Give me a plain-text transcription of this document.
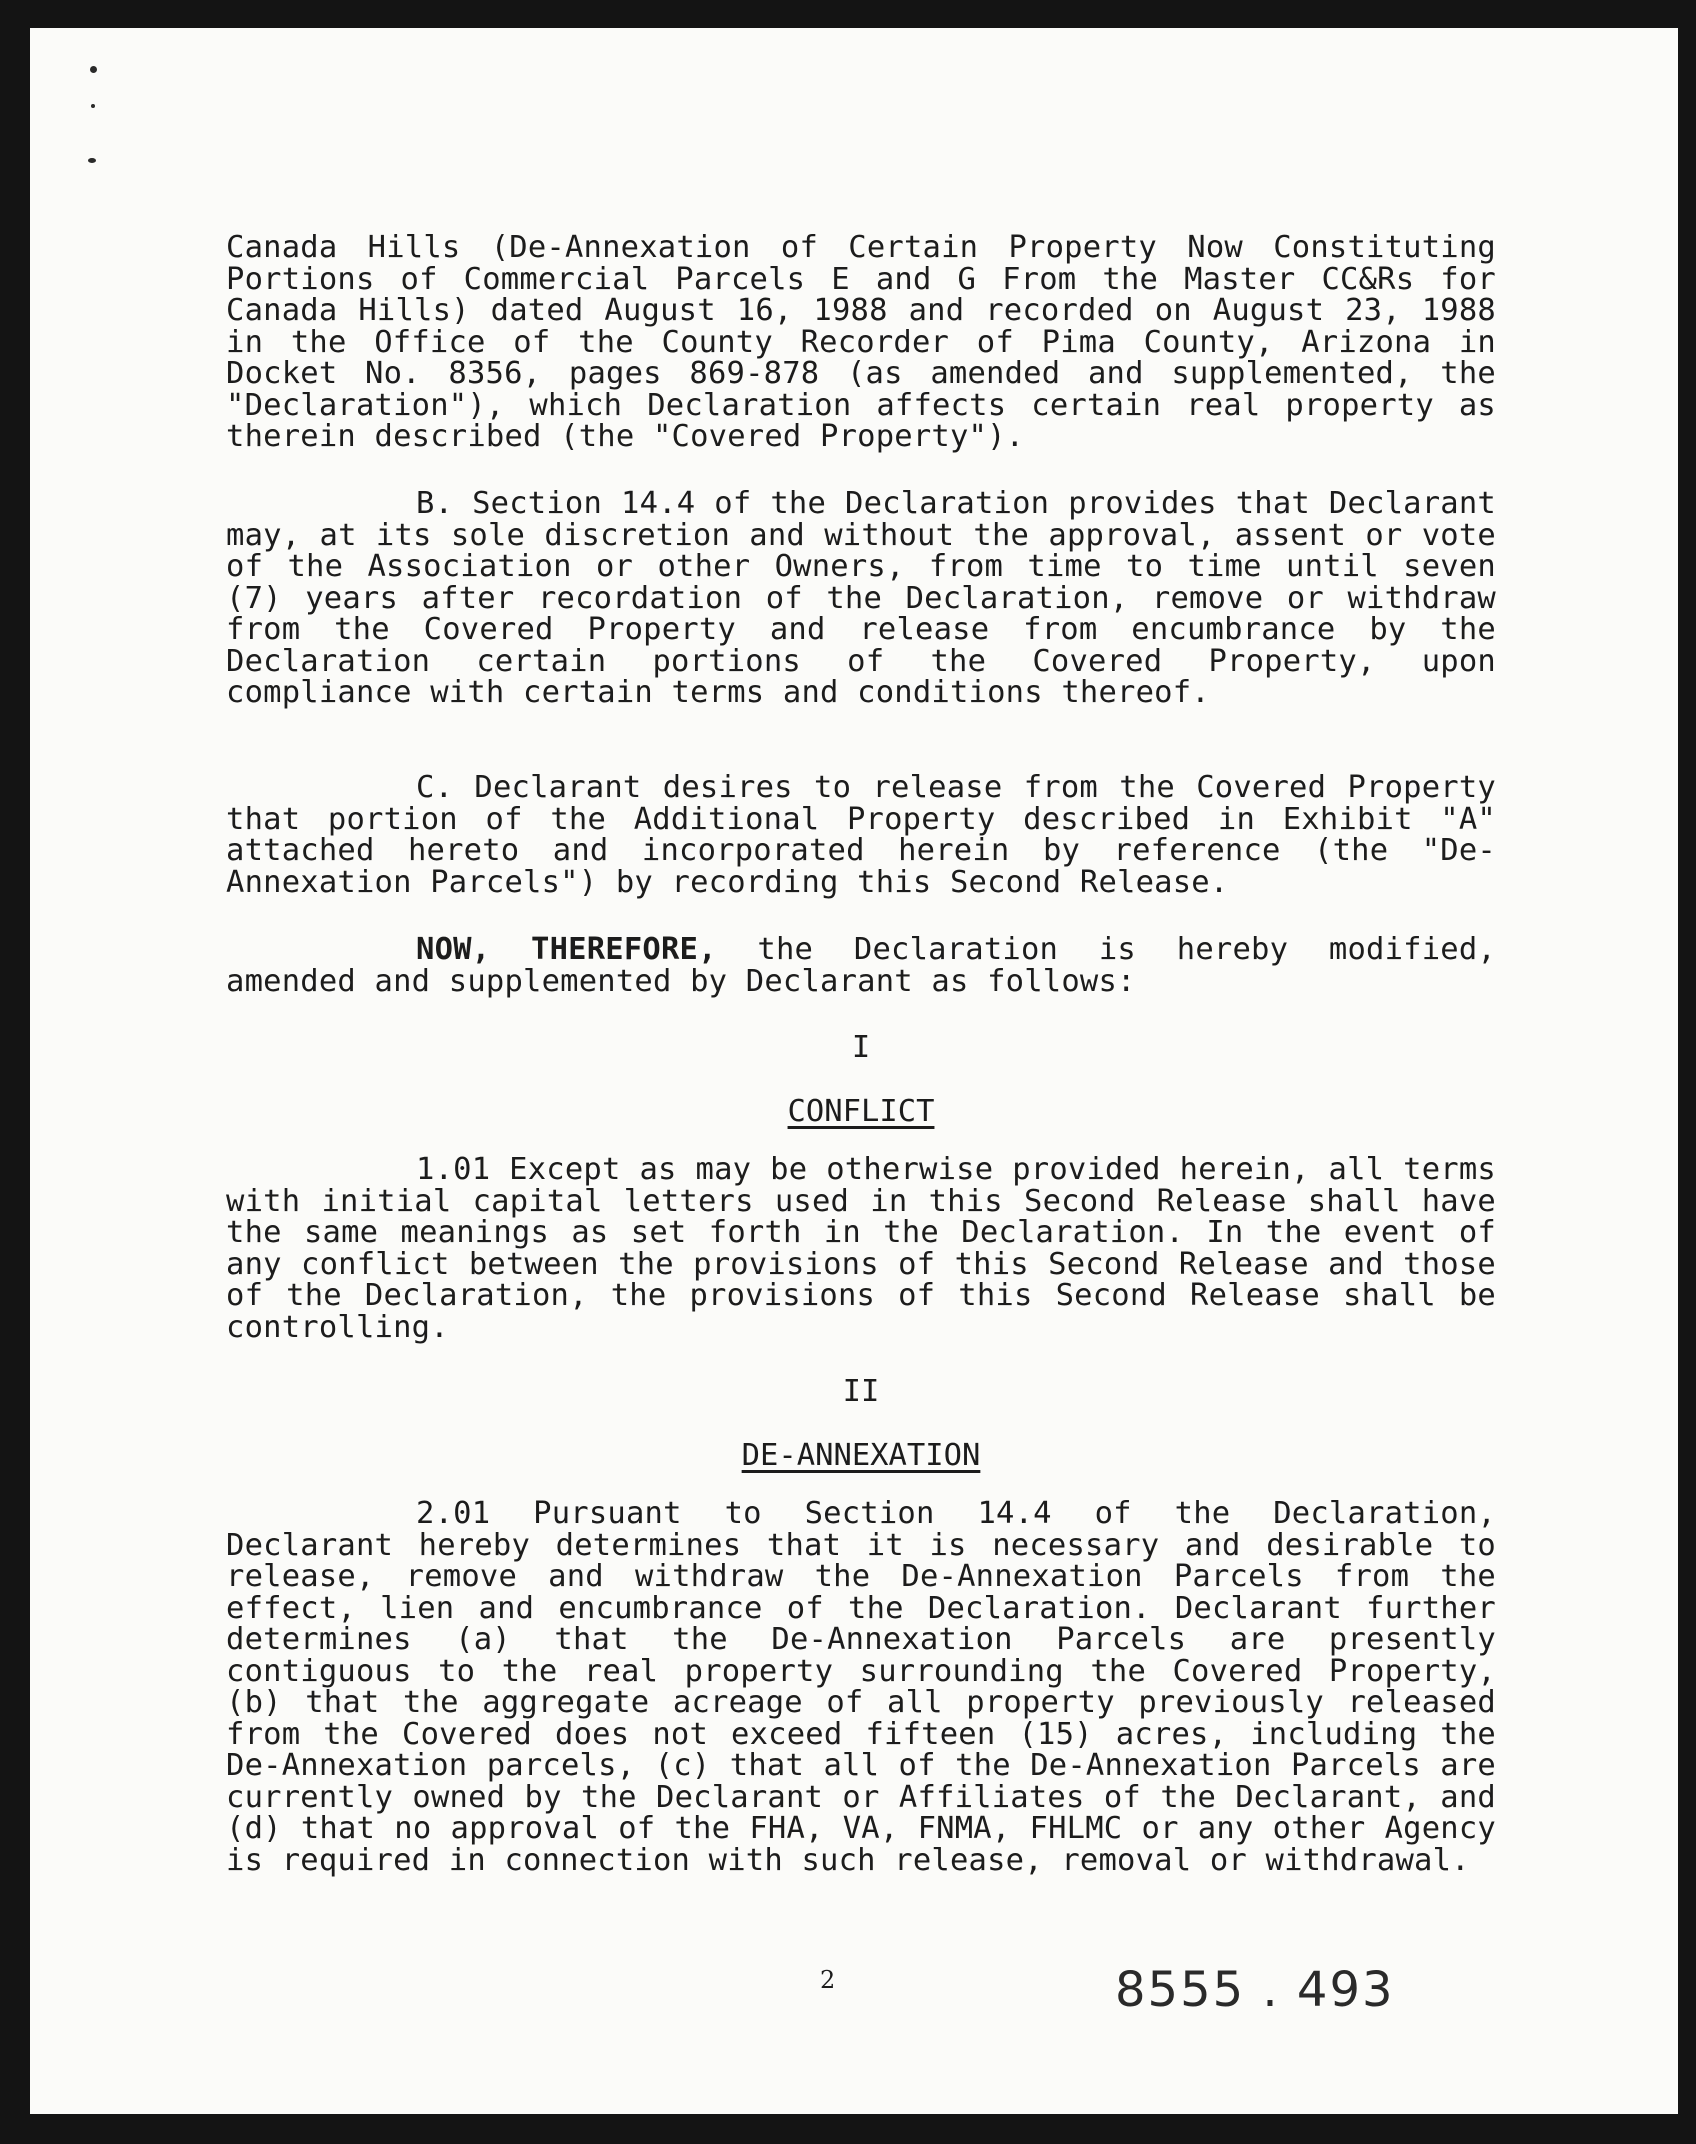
Canada Hills (De-Annexation of Certain Property Now Constituting Portions of Commercial Parcels E and G From the Master CC&Rs for Canada Hills) dated August 16, 1988 and recorded on August 23, 1988 in the Office of the County Recorder of Pima County, Arizona in Docket No. 8356, pages 869-878 (as amended and supplemented, the "Declaration"), which Declaration affects certain real property as therein described (the "Covered Property").
B. Section 14.4 of the Declaration provides that Declarant may, at its sole discretion and without the approval, assent or vote of the Association or other Owners, from time to time until seven (7) years after recordation of the Declaration, remove or withdraw from the Covered Property and release from encumbrance by the Declaration certain portions of the Covered Property, upon compliance with certain terms and conditions thereof.
C. Declarant desires to release from the Covered Property that portion of the Additional Property described in Exhibit "A" attached hereto and incorporated herein by reference (the "De-Annexation Parcels") by recording this Second Release.
NOW, THEREFORE, the Declaration is hereby modified, amended and supplemented by Declarant as follows:
I
CONFLICT
1.01 Except as may be otherwise provided herein, all terms with initial capital letters used in this Second Release shall have the same meanings as set forth in the Declaration. In the event of any conflict between the provisions of this Second Release and those of the Declaration, the provisions of this Second Release shall be controlling.
II
DE-ANNEXATION
2.01 Pursuant to Section 14.4 of the Declaration, Declarant hereby determines that it is necessary and desirable to release, remove and withdraw the De-Annexation Parcels from the effect, lien and encumbrance of the Declaration. Declarant further determines (a) that the De-Annexation Parcels are presently contiguous to the real property surrounding the Covered Property, (b) that the aggregate acreage of all property previously released from the Covered does not exceed fifteen (15) acres, including the De-Annexation parcels, (c) that all of the De-Annexation Parcels are currently owned by the Declarant or Affiliates of the Declarant, and (d) that no approval of the FHA, VA, FNMA, FHLMC or any other Agency is required in connection with such release, removal or withdrawal.
2	8555 . 493
